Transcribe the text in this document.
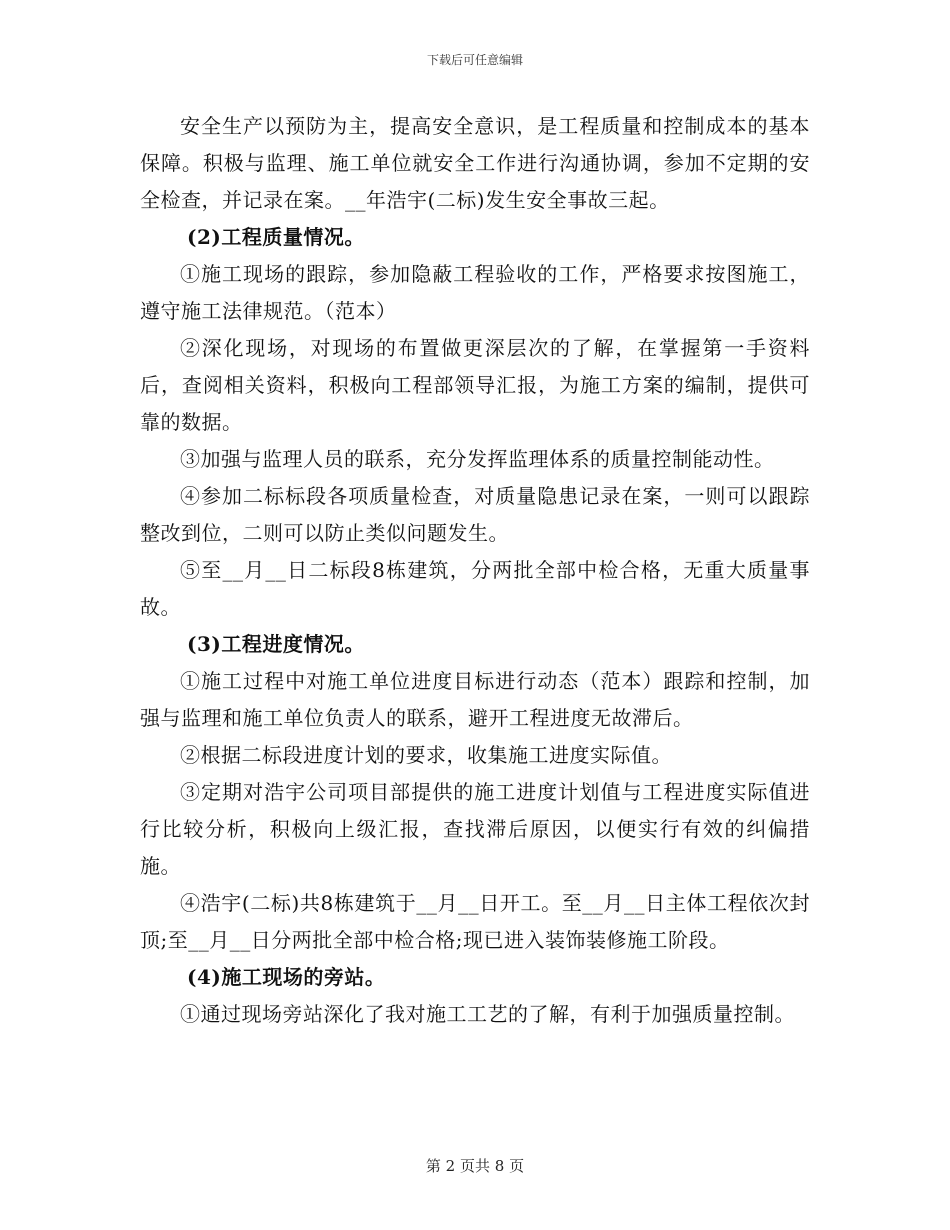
下载后可任意编辑

安全生产以预防为主，提高安全意识，是工程质量和控制成本的基本保障。积极与监理、施工单位就安全工作进行沟通协调，参加不定期的安全检查，并记录在案。__年浩宇(二标)发生安全事故三起。

(2)工程质量情况。

①施工现场的跟踪，参加隐蔽工程验收的工作，严格要求按图施工，遵守施工法律规范。（范本）

②深化现场，对现场的布置做更深层次的了解，在掌握第一手资料后，查阅相关资料，积极向工程部领导汇报，为施工方案的编制，提供可靠的数据。

③加强与监理人员的联系，充分发挥监理体系的质量控制能动性。

④参加二标标段各项质量检查，对质量隐患记录在案，一则可以跟踪整改到位，二则可以防止类似问题发生。

⑤至__月__日二标段8栋建筑，分两批全部中检合格，无重大质量事故。

(3)工程进度情况。

①施工过程中对施工单位进度目标进行动态（范本）跟踪和控制，加强与监理和施工单位负责人的联系，避开工程进度无故滞后。

②根据二标段进度计划的要求，收集施工进度实际值。

③定期对浩宇公司项目部提供的施工进度计划值与工程进度实际值进行比较分析，积极向上级汇报，查找滞后原因，以便实行有效的纠偏措施。

④浩宇(二标)共8栋建筑于__月__日开工。至__月__日主体工程依次封顶;至__月__日分两批全部中检合格;现已进入装饰装修施工阶段。

(4)施工现场的旁站。

①通过现场旁站深化了我对施工工艺的了解，有利于加强质量控制。

第 2 页共 8 页
